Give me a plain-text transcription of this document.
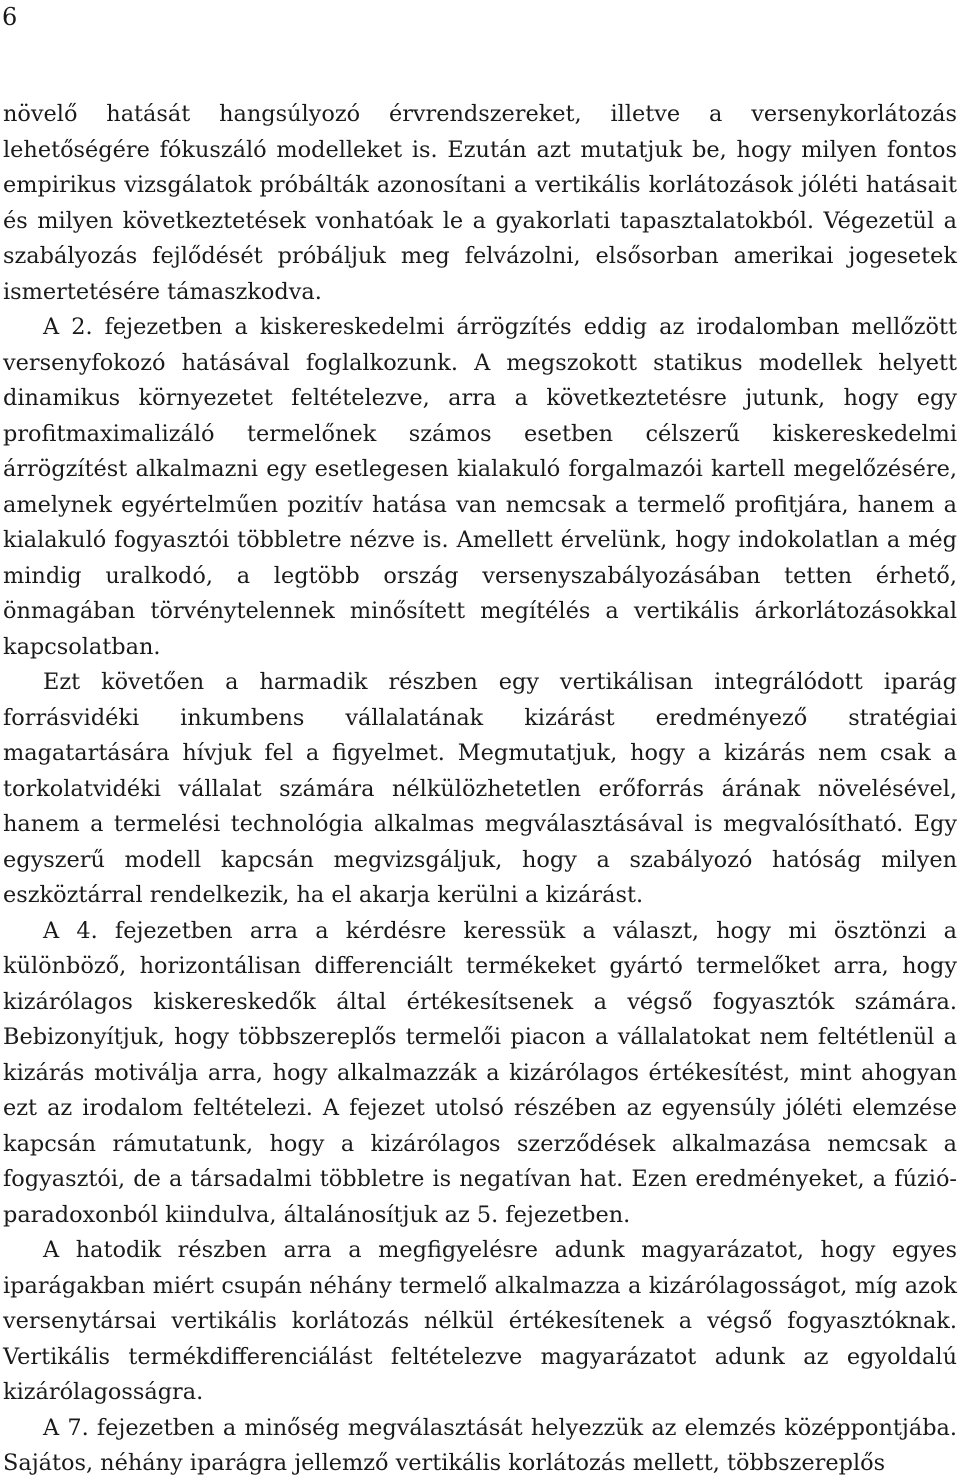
6

növelő hatását hangsúlyozó érvrendszereket, illetve a versenykorlátozás lehetőségére fókuszáló modelleket is. Ezután azt mutatjuk be, hogy milyen fontos empirikus vizsgálatok próbálták azonosítani a vertikális korlátozások jóléti hatásait és milyen következtetések vonhatóak le a gyakorlati tapasztalatokból. Végezetül a szabályozás fejlődését próbáljuk meg felvázolni, elsősorban amerikai jogesetek ismertetésére támaszkodva.

A 2. fejezetben a kiskereskedelmi árrögzítés eddig az irodalomban mellőzött versenyfokozó hatásával foglalkozunk. A megszokott statikus modellek helyett dinamikus környezetet feltételezve, arra a következtetésre jutunk, hogy egy profitmaximalizáló termelőnek számos esetben célszerű kiskereskedelmi árrögzítést alkalmazni egy esetlegesen kialakuló forgalmazói kartell megelőzésére, amelynek egyértelműen pozitív hatása van nemcsak a termelő profitjára, hanem a kialakuló fogyasztói többletre nézve is. Amellett érvelünk, hogy indokolatlan a még mindig uralkodó, a legtöbb ország versenyszabályozásában tetten érhető, önmagában törvénytelennek minősített megítélés a vertikális árkorlátozásokkal kapcsolatban.

Ezt követően a harmadik részben egy vertikálisan integrálódott iparág forrásvidéki inkumbens vállalatának kizárást eredményező stratégiai magatartására hívjuk fel a figyelmet. Megmutatjuk, hogy a kizárás nem csak a torkolatvidéki vállalat számára nélkülözhetetlen erőforrás árának növelésével, hanem a termelési technológia alkalmas megválasztásával is megvalósítható. Egy egyszerű modell kapcsán megvizsgáljuk, hogy a szabályozó hatóság milyen eszköztárral rendelkezik, ha el akarja kerülni a kizárást.

A 4. fejezetben arra a kérdésre keressük a választ, hogy mi ösztönzi a különböző, horizontálisan differenciált termékeket gyártó termelőket arra, hogy kizárólagos kiskereskedők által értékesítsenek a végső fogyasztók számára. Bebizonyítjuk, hogy többszereplős termelői piacon a vállalatokat nem feltétlenül a kizárás motiválja arra, hogy alkalmazzák a kizárólagos értékesítést, mint ahogyan ezt az irodalom feltételezi. A fejezet utolsó részében az egyensúly jóléti elemzése kapcsán rámutatunk, hogy a kizárólagos szerződések alkalmazása nemcsak a fogyasztói, de a társadalmi többletre is negatívan hat. Ezen eredményeket, a fúzió-paradoxonból kiindulva, általánosítjuk az 5. fejezetben.

A hatodik részben arra a megfigyelésre adunk magyarázatot, hogy egyes iparágakban miért csupán néhány termelő alkalmazza a kizárólagosságot, míg azok versenytársai vertikális korlátozás nélkül értékesítenek a végső fogyasztóknak. Vertikális termékdifferenciálást feltételezve magyarázatot adunk az egyoldalú kizárólagosságra.

A 7. fejezetben a minőség megválasztását helyezzük az elemzés középpontjába. Sajátos, néhány iparágra jellemző vertikális korlátozás mellett, többszereplős
